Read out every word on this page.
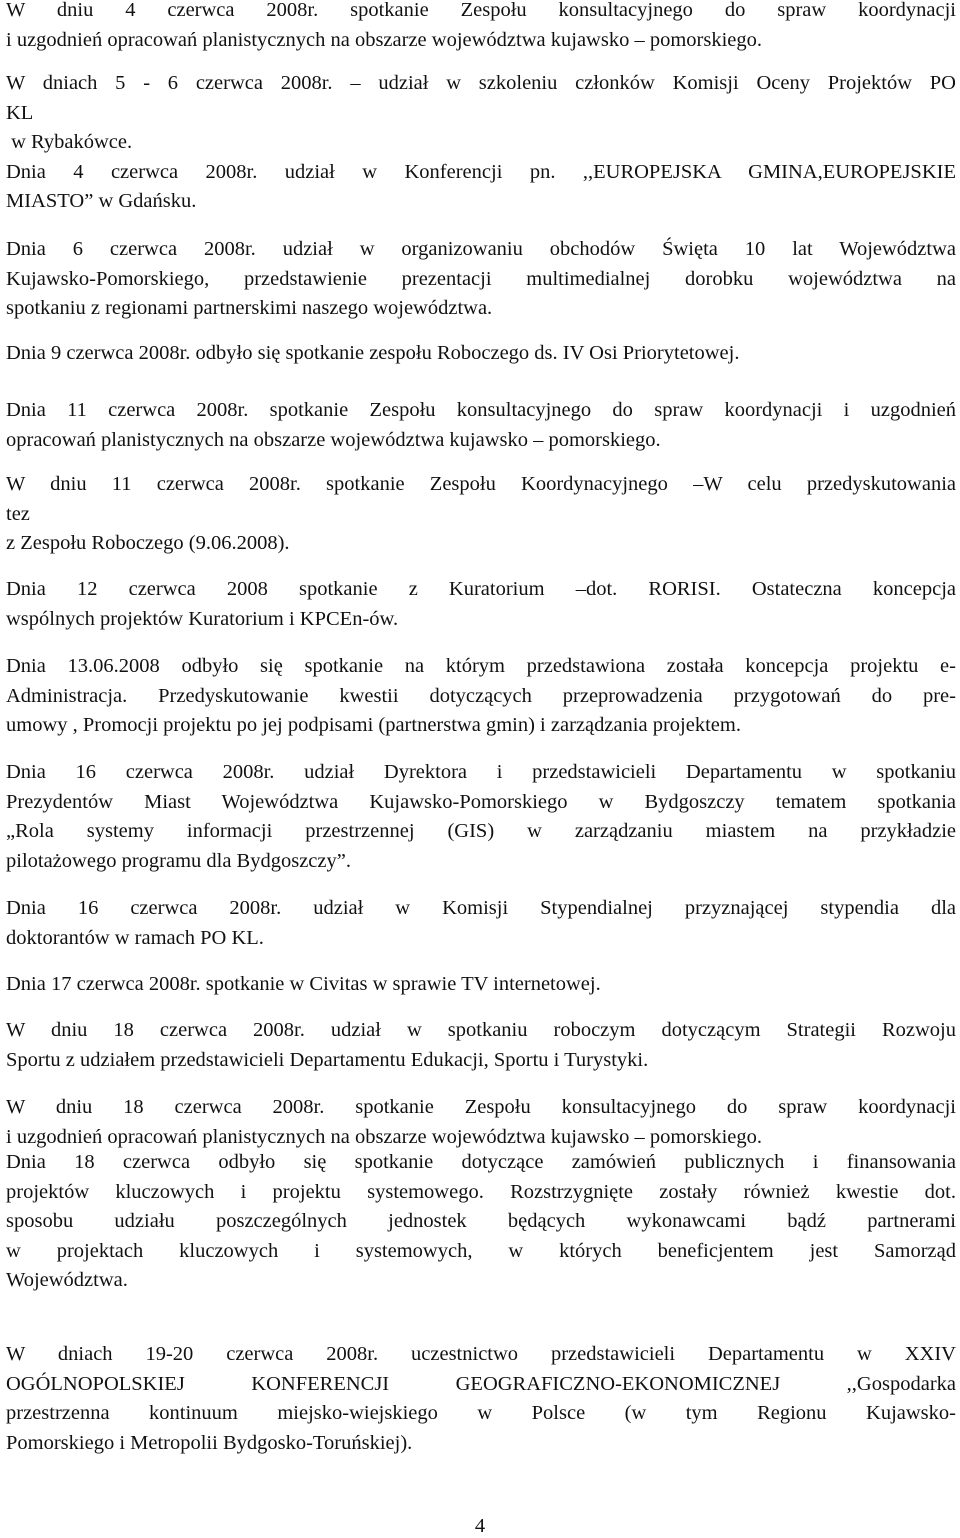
W dniu 4 czerwca 2008r. spotkanie Zespołu konsultacyjnego do spraw koordynacji
i uzgodnień opracowań planistycznych na obszarze województwa kujawsko – pomorskiego.
W dniach 5 - 6 czerwca 2008r. – udział w szkoleniu członków Komisji Oceny Projektów PO
KL
w Rybakówce.
Dnia 4 czerwca 2008r. udział w Konferencji pn. ,,EUROPEJSKA GMINA,EUROPEJSKIE
MIASTO” w Gdańsku.
Dnia 6 czerwca 2008r. udział w organizowaniu obchodów Święta 10 lat Województwa
Kujawsko-Pomorskiego, przedstawienie prezentacji multimedialnej dorobku województwa na
spotkaniu z regionami partnerskimi naszego województwa.
Dnia 9 czerwca 2008r. odbyło się spotkanie zespołu Roboczego ds. IV Osi Priorytetowej.
Dnia 11 czerwca 2008r. spotkanie Zespołu konsultacyjnego do spraw koordynacji i uzgodnień
opracowań planistycznych na obszarze województwa kujawsko – pomorskiego.
W dniu 11 czerwca 2008r. spotkanie Zespołu Koordynacyjnego –W celu przedyskutowania
tez
z Zespołu Roboczego (9.06.2008).
Dnia 12 czerwca 2008 spotkanie z Kuratorium –dot. RORISI. Ostateczna koncepcja
wspólnych projektów Kuratorium i KPCEn-ów.
Dnia 13.06.2008 odbyło się spotkanie na którym przedstawiona została koncepcja projektu e-
Administracja. Przedyskutowanie kwestii dotyczących przeprowadzenia przygotowań do pre-
umowy , Promocji projektu po jej podpisami (partnerstwa gmin) i zarządzania projektem.
Dnia 16 czerwca 2008r. udział Dyrektora i przedstawicieli Departamentu w spotkaniu
Prezydentów Miast Województwa Kujawsko-Pomorskiego w Bydgoszczy tematem spotkania
„Rola systemy informacji przestrzennej (GIS) w zarządzaniu miastem na przykładzie
pilotażowego programu dla Bydgoszczy”.
Dnia 16 czerwca 2008r. udział w Komisji Stypendialnej przyznającej stypendia dla
doktorantów w ramach PO KL.
Dnia 17 czerwca 2008r. spotkanie w Civitas w sprawie TV internetowej.
W dniu 18 czerwca 2008r. udział w spotkaniu roboczym dotyczącym Strategii Rozwoju
Sportu z udziałem przedstawicieli Departamentu Edukacji, Sportu i Turystyki.
W dniu 18 czerwca 2008r. spotkanie Zespołu konsultacyjnego do spraw koordynacji
i uzgodnień opracowań planistycznych na obszarze województwa kujawsko – pomorskiego.
Dnia 18 czerwca odbyło się spotkanie dotyczące zamówień publicznych i finansowania
projektów kluczowych i projektu systemowego. Rozstrzygnięte zostały również kwestie dot.
sposobu udziału poszczególnych jednostek będących wykonawcami bądź partnerami
w projektach kluczowych i systemowych, w których beneficjentem jest Samorząd
Województwa.
W dniach 19-20 czerwca 2008r. uczestnictwo przedstawicieli Departamentu w XXIV
OGÓLNOPOLSKIEJ KONFERENCJI GEOGRAFICZNO-EKONOMICZNEJ ,,Gospodarka
przestrzenna kontinuum miejsko-wiejskiego w Polsce (w tym Regionu Kujawsko-
Pomorskiego i Metropolii Bydgosko-Toruńskiej).
4
